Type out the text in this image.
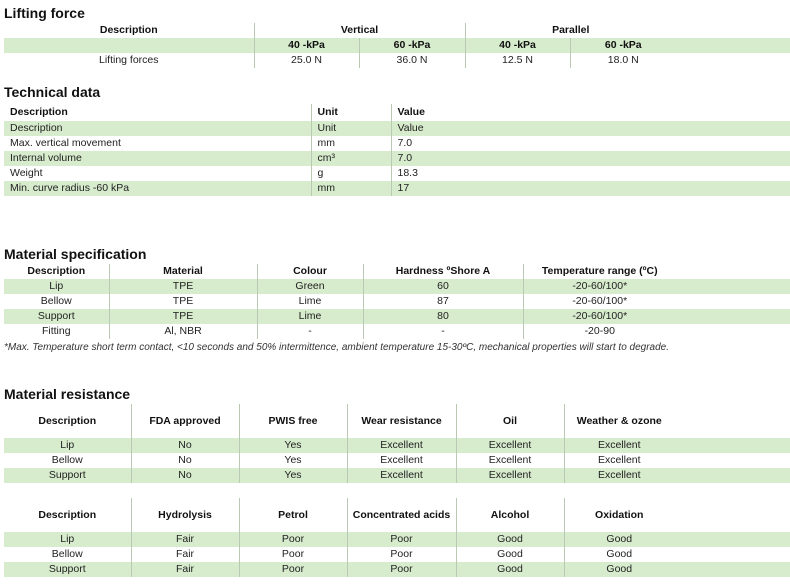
Lifting force
Description	Vertical		Parallel		
	40 -kPa	60 -kPa	40 -kPa	60 -kPa	
Lifting forces	25.0 N	36.0 N	12.5 N	18.0 N	
Technical data
Description	Unit	Value
Description	Unit	Value
Max. vertical movement	mm	7.0
Internal volume	cm³	7.0
Weight	g	18.3
Min. curve radius -60 kPa	mm	17
Material specification
Description	Material	Colour	Hardness ºShore A	Temperature range (ºC)	
Lip	TPE	Green	60	-20-60/100*	
Bellow	TPE	Lime	87	-20-60/100*	
Support	TPE	Lime	80	-20-60/100*	
Fitting	Al, NBR	-	-	-20-90	
*Max. Temperature short term contact, <10 seconds and 50% intermittence, ambient temperature 15-30ºC, mechanical properties will start to degrade.
Material resistance
Description	FDA approved	PWIS free	Wear resistance	Oil	Weather & ozone	
Lip	No	Yes	Excellent	Excellent	Excellent	
Bellow	No	Yes	Excellent	Excellent	Excellent	
Support	No	Yes	Excellent	Excellent	Excellent	
Description	Hydrolysis	Petrol	Concentrated acids	Alcohol	Oxidation	
Lip	Fair	Poor	Poor	Good	Good	
Bellow	Fair	Poor	Poor	Good	Good	
Support	Fair	Poor	Poor	Good	Good	
